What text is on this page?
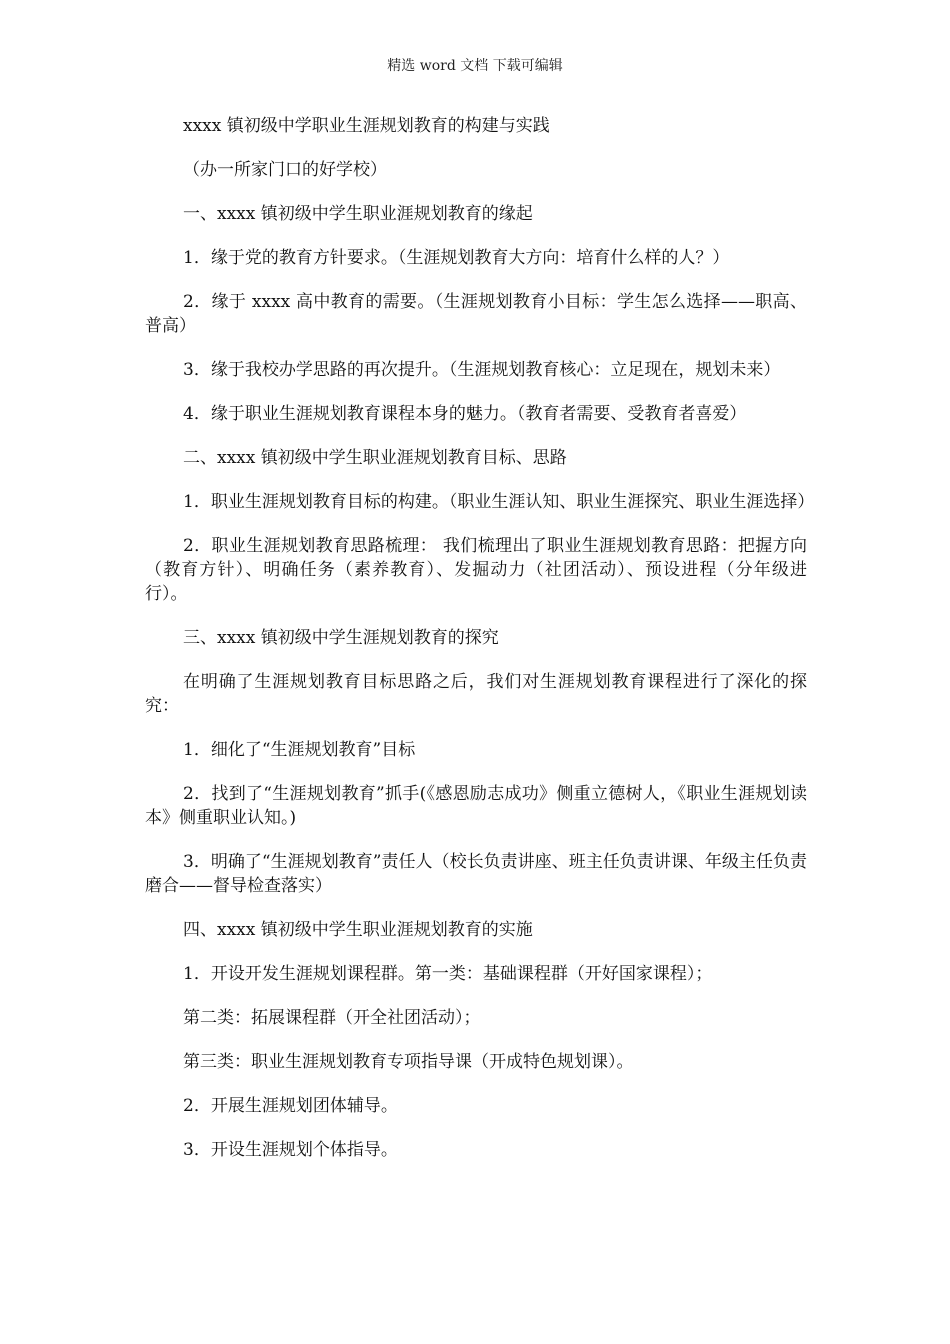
精选 word 文档 下载可编辑

xxxx 镇初级中学职业生涯规划教育的构建与实践

（办一所家门口的好学校）

一、xxxx 镇初级中学生职业涯规划教育的缘起

1．缘于党的教育方针要求。（生涯规划教育大方向：培育什么样的人？）

2．缘于 xxxx 高中教育的需要。（生涯规划教育小目标：学生怎么选择——职高、普高）

3．缘于我校办学思路的再次提升。（生涯规划教育核心：立足现在，规划未来）

4．缘于职业生涯规划教育课程本身的魅力。（教育者需要、受教育者喜爱）

二、xxxx 镇初级中学生职业涯规划教育目标、思路

1．职业生涯规划教育目标的构建。（职业生涯认知、职业生涯探究、职业生涯选择）

2．职业生涯规划教育思路梳理： 我们梳理出了职业生涯规划教育思路：把握方向（教育方针）、明确任务（素养教育）、发掘动力（社团活动）、预设进程（分年级进行）。

三、xxxx 镇初级中学生涯规划教育的探究

在明确了生涯规划教育目标思路之后，我们对生涯规划教育课程进行了深化的探究：

1．细化了“生涯规划教育”目标

2．找到了“生涯规划教育”抓手(《感恩励志成功》侧重立德树人，《职业生涯规划读本》侧重职业认知。)

3．明确了“生涯规划教育”责任人（校长负责讲座、班主任负责讲课、年级主任负责磨合——督导检查落实）

四、xxxx 镇初级中学生职业涯规划教育的实施

1．开设开发生涯规划课程群。第一类：基础课程群（开好国家课程）；

第二类：拓展课程群（开全社团活动）；

第三类：职业生涯规划教育专项指导课（开成特色规划课）。

2．开展生涯规划团体辅导。

3．开设生涯规划个体指导。
